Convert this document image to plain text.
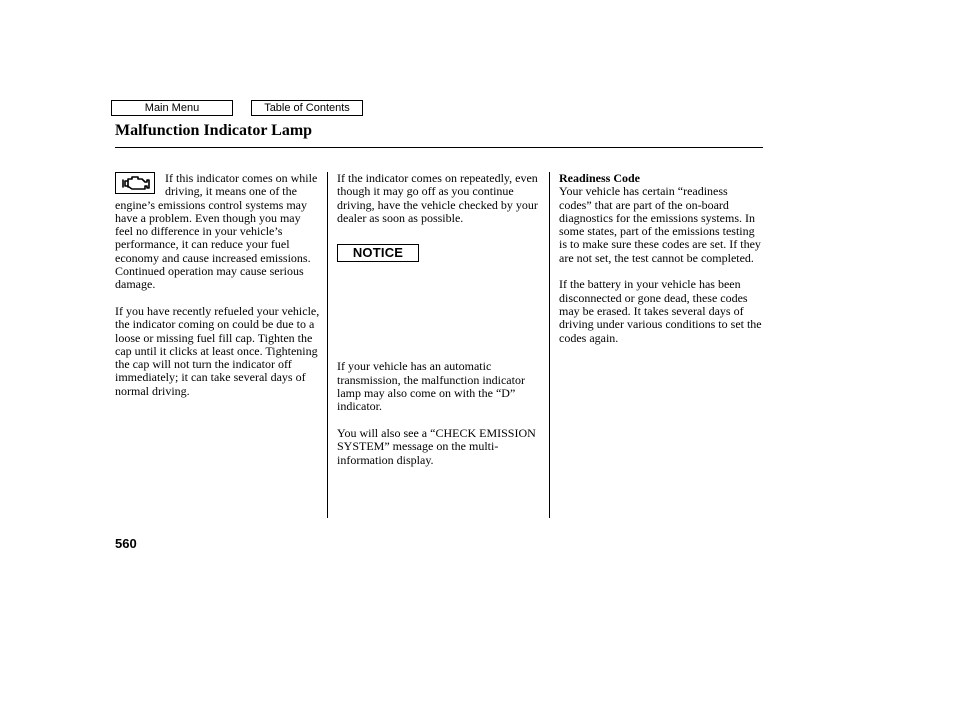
Main Menu	Table of Contents
Malfunction Indicator Lamp

If this indicator comes on while driving, it means one of the engine’s emissions control systems may have a problem. Even though you may feel no difference in your vehicle’s performance, it can reduce your fuel economy and cause increased emissions. Continued operation may cause serious damage.

If you have recently refueled your vehicle, the indicator coming on could be due to a loose or missing fuel fill cap. Tighten the cap until it clicks at least once. Tightening the cap will not turn the indicator off immediately; it can take several days of normal driving.

If the indicator comes on repeatedly, even though it may go off as you continue driving, have the vehicle checked by your dealer as soon as possible.

NOTICE

If your vehicle has an automatic transmission, the malfunction indicator lamp may also come on with the “D” indicator.

You will also see a “CHECK EMISSION SYSTEM” message on the multi-information display.

Readiness Code

Your vehicle has certain “readiness codes” that are part of the on-board diagnostics for the emissions systems. In some states, part of the emissions testing is to make sure these codes are set. If they are not set, the test cannot be completed.

If the battery in your vehicle has been disconnected or gone dead, these codes may be erased. It takes several days of driving under various conditions to set the codes again.

560
